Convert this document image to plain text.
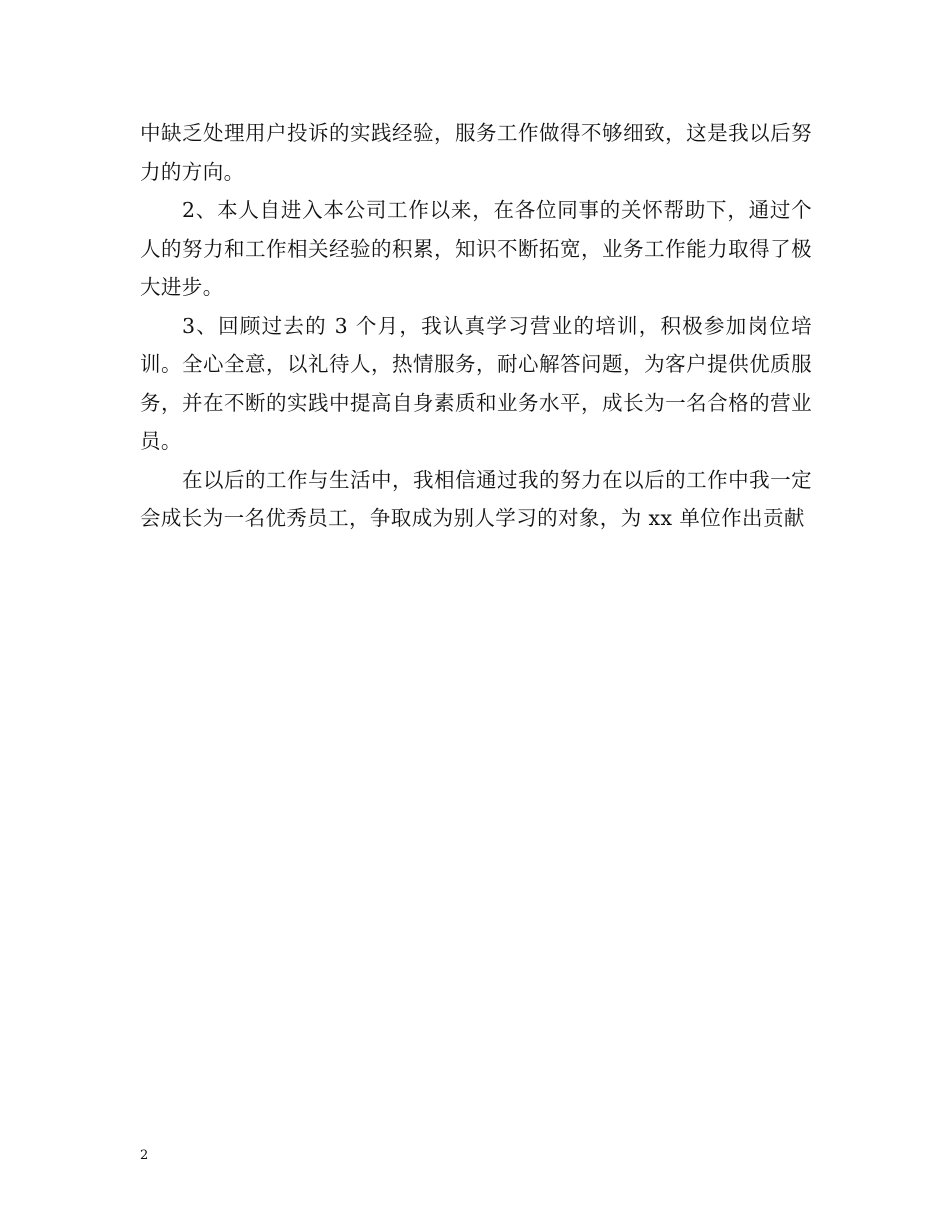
中缺乏处理用户投诉的实践经验，服务工作做得不够细致，这是我以后努力的方向。

2、本人自进入本公司工作以来，在各位同事的关怀帮助下，通过个人的努力和工作相关经验的积累，知识不断拓宽，业务工作能力取得了极大进步。

3、回顾过去的 3 个月，我认真学习营业的培训，积极参加岗位培训。全心全意，以礼待人，热情服务，耐心解答问题，为客户提供优质服务，并在不断的实践中提高自身素质和业务水平，成长为一名合格的营业员。

在以后的工作与生活中，我相信通过我的努力在以后的工作中我一定会成长为一名优秀员工，争取成为别人学习的对象，为 xx 单位作出贡献

2
